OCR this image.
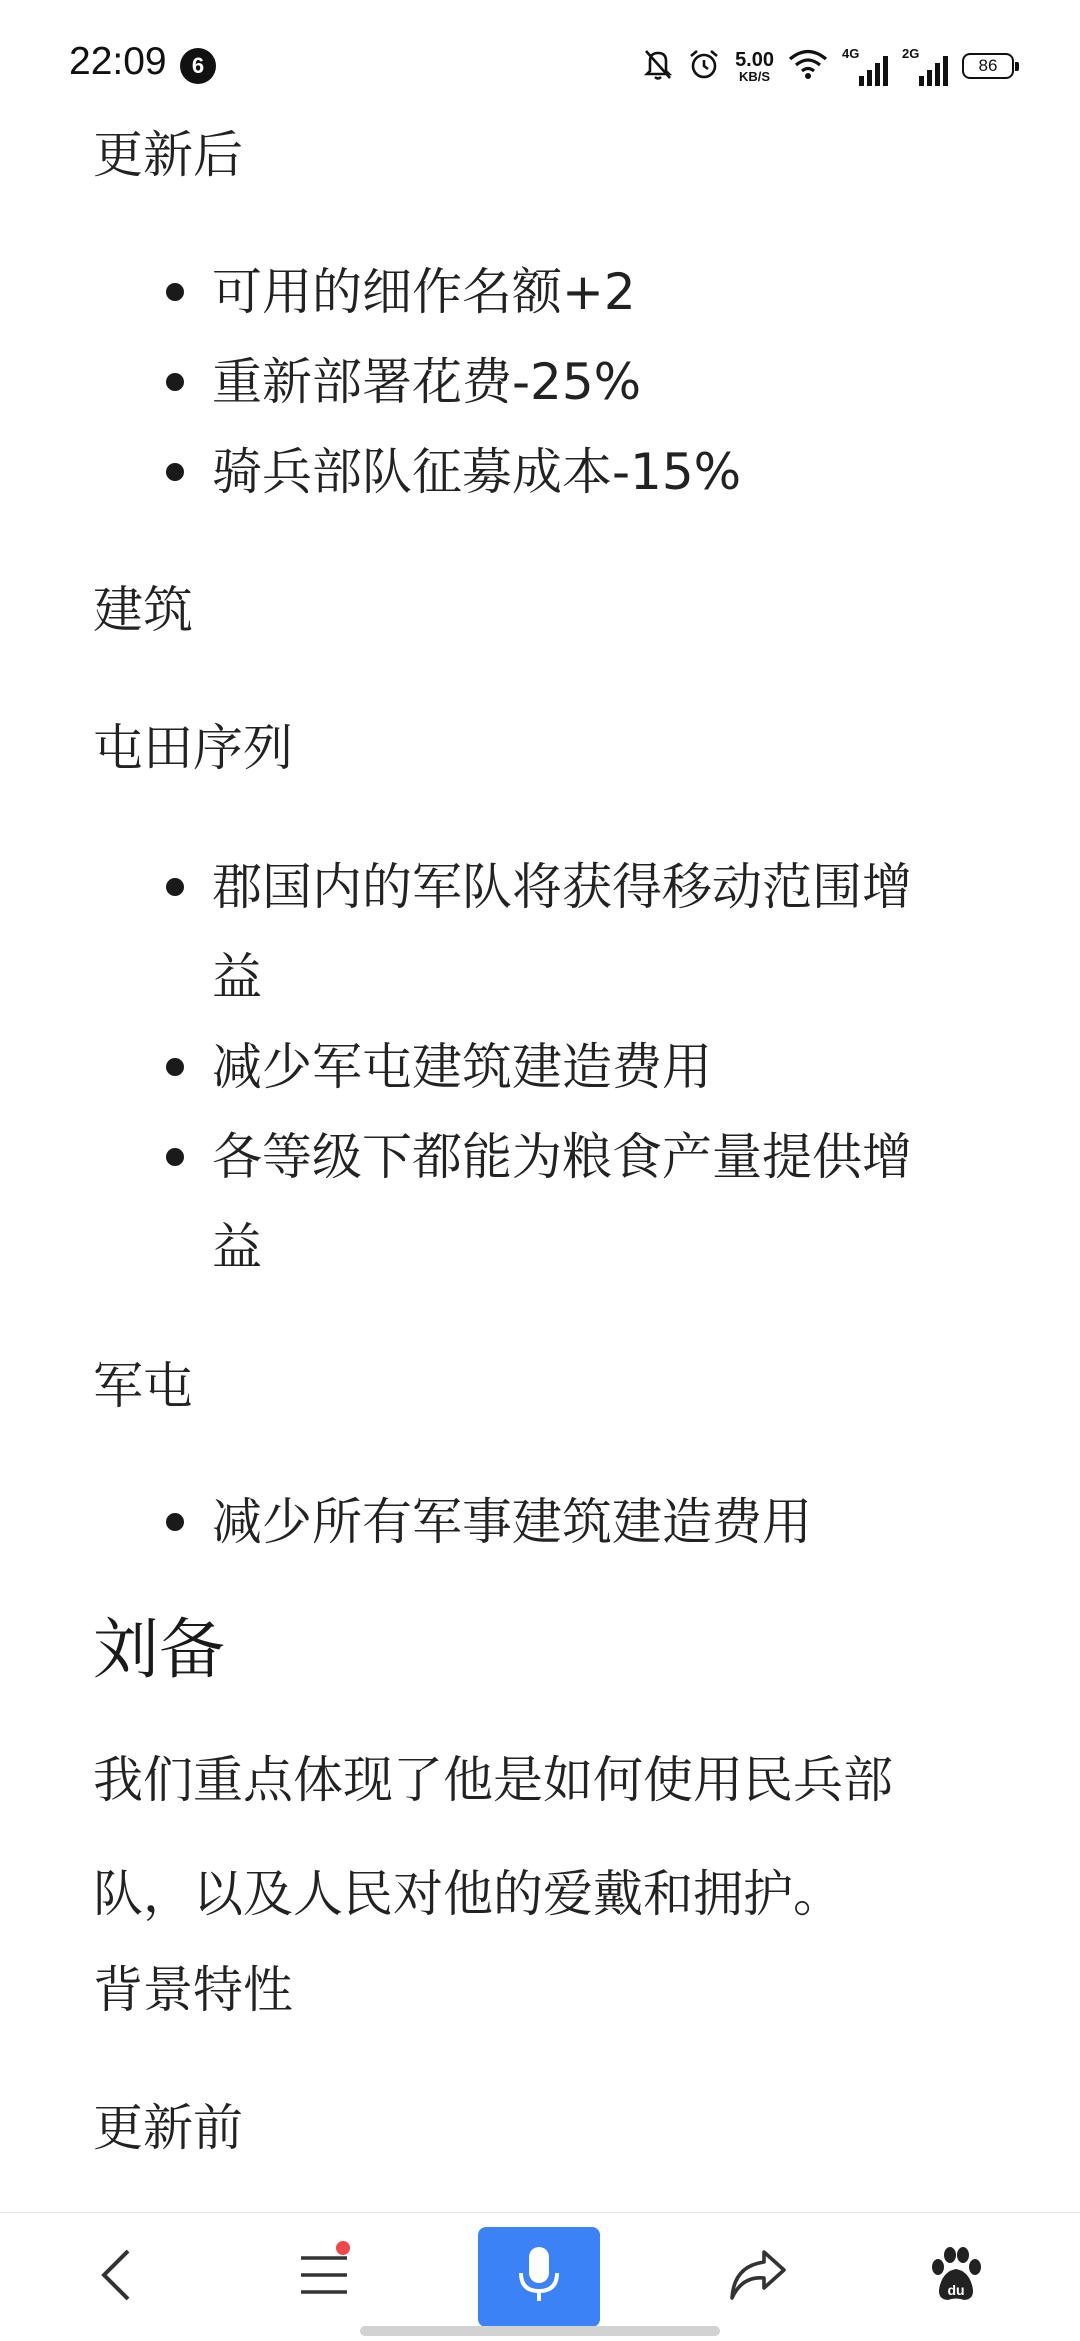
22:09	6	5.00
KB/S
4G	2G
86
更新后
可用的细作名额+2
重新部署花费-25%
骑兵部队征募成本-15%
建筑
屯田序列
郡国内的军队将获得移动范围增
益
减少军屯建筑建造费用
各等级下都能为粮食产量提供增
益
军屯
减少所有军事建筑建造费用
刘备
我们重点体现了他是如何使用民兵部
队，以及人民对他的爱戴和拥护。
背景特性
更新前
du
